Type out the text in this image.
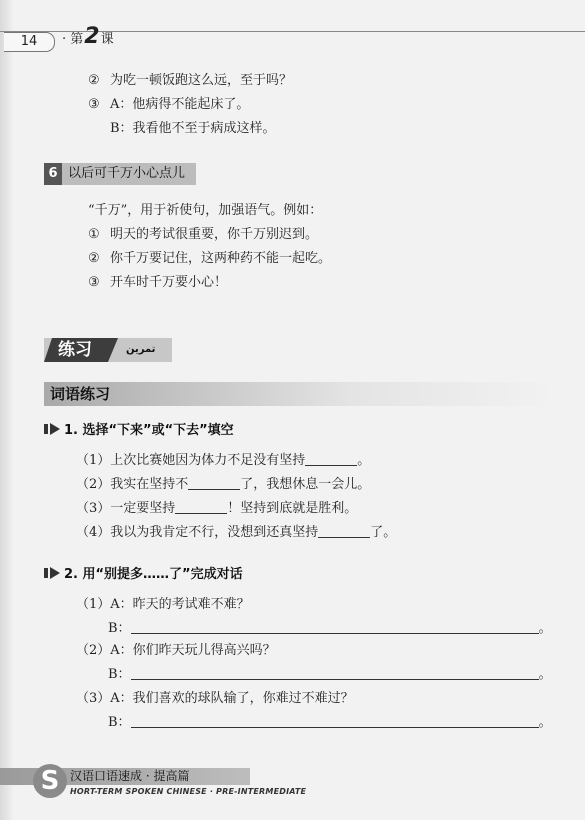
14	· 第2课
② 为吃一顿饭跑这么远，至于吗？
③ A：他病得不能起床了。
B：我看他不至于病成这样。
6 以后可千万小心点儿
“千万”，用于祈使句，加强语气。例如：
① 明天的考试很重要，你千万别迟到。
② 你千万要记住，这两种药不能一起吃。
③ 开车时千万要小心！
练习	تمرين
词语练习
1. 选择“下来”或“下去”填空
（1）上次比赛她因为体力不足没有坚持	。
（2）我实在坚持不	了，我想休息一会儿。
（3）一定要坚持	！坚持到底就是胜利。
（4）我以为我肯定不行，没想到还真坚持	了。
2. 用“别提多……了”完成对话
（1）A：昨天的考试难不难？
B：	。
（2）A：你们昨天玩儿得高兴吗？
B：	。
（3）A：我们喜欢的球队输了，你难过不难过？
B：	。
S 汉语口语速成 · 提高篇
HORT-TERM SPOKEN CHINESE · PRE-INTERMEDIATE
